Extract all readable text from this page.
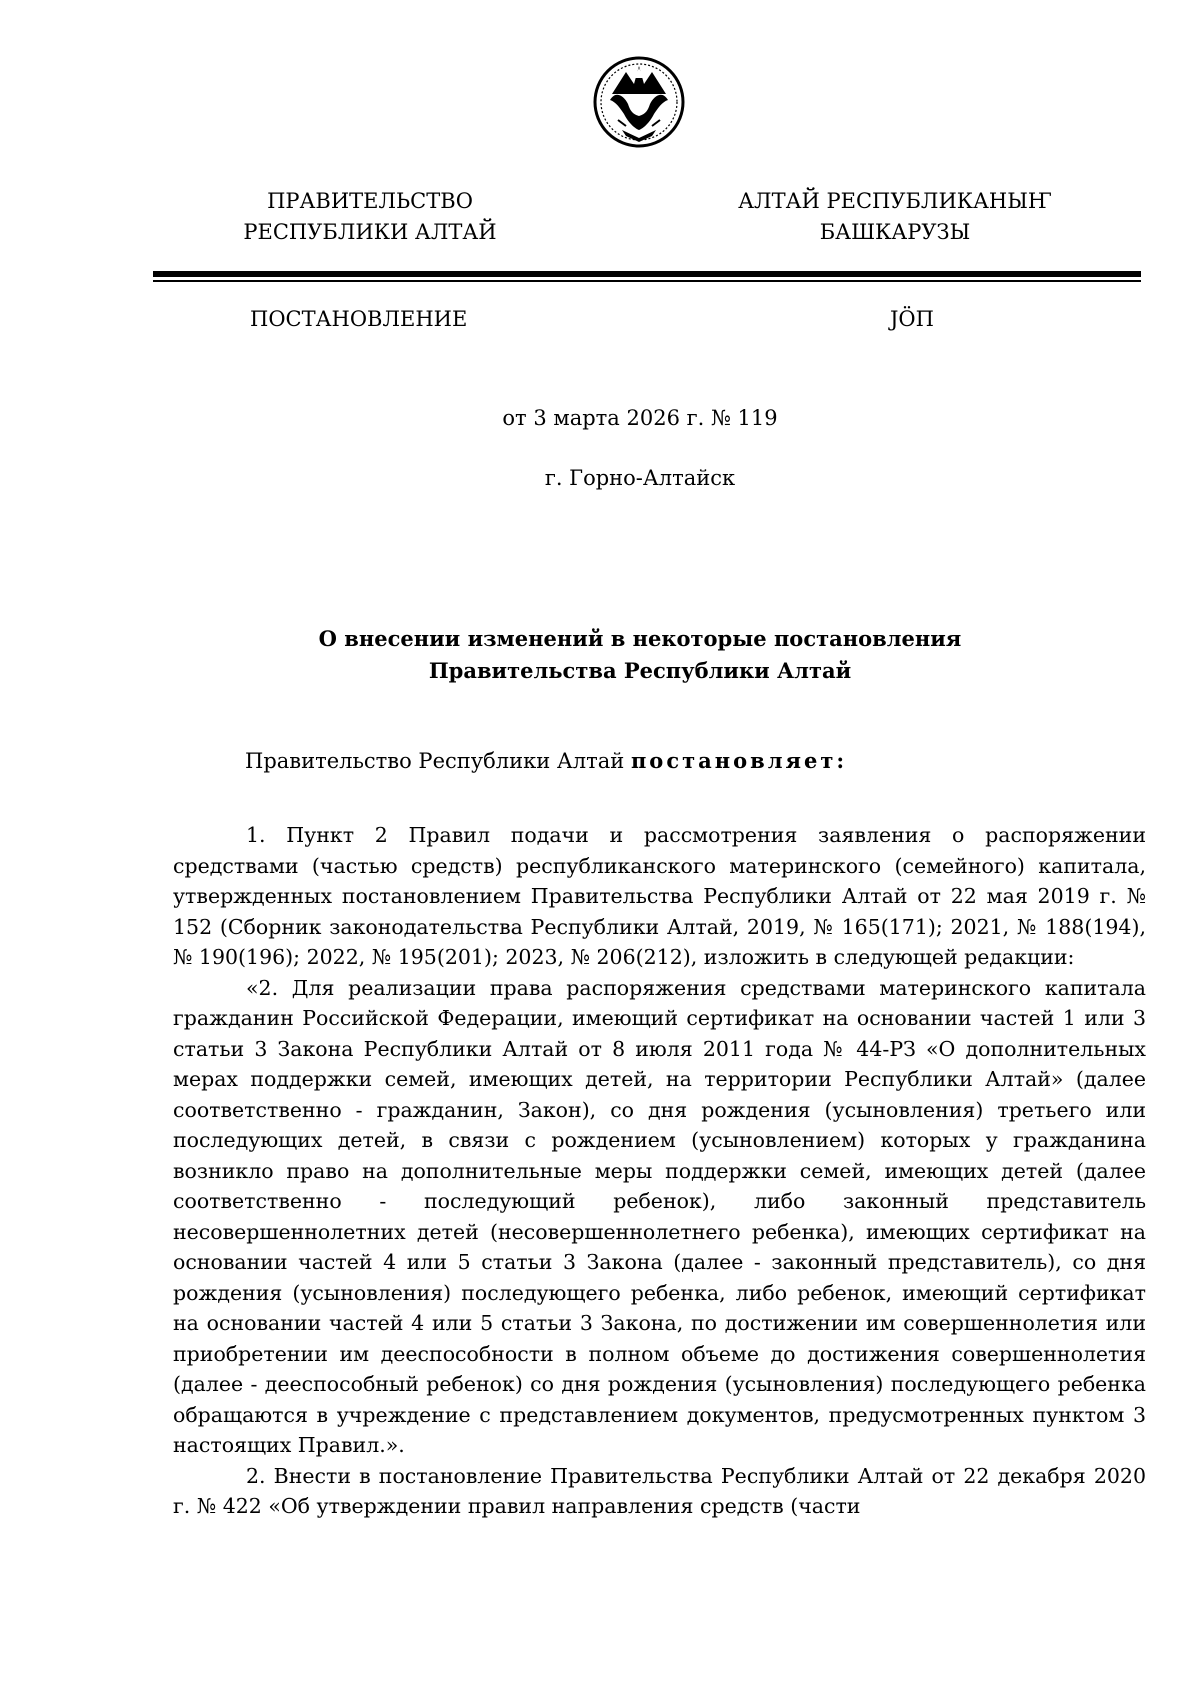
ПРАВИТЕЛЬСТВО
РЕСПУБЛИКИ АЛТАЙ
АЛТАЙ РЕСПУБЛИКАНЫҤ
БАШКАРУЗЫ
ПОСТАНОВЛЕНИЕ	JÖП
от 3 марта 2026 г. № 119
г. Горно-Алтайск
О внесении изменений в некоторые постановления
Правительства Республики Алтай
Правительство Республики Алтай постановляет:

1. Пункт 2 Правил подачи и рассмотрения заявления о распоряжении средствами (частью средств) республиканского материнского (семейного) капитала, утвержденных постановлением Правительства Республики Алтай от 22 мая 2019 г. № 152 (Сборник законодательства Республики Алтай, 2019, № 165(171); 2021, № 188(194), № 190(196); 2022, № 195(201); 2023, № 206(212), изложить в следующей редакции:

«2. Для реализации права распоряжения средствами материнского капитала гражданин Российской Федерации, имеющий сертификат на основании частей 1 или 3 статьи 3 Закона Республики Алтай от 8 июля 2011 года № 44-РЗ «О дополнительных мерах поддержки семей, имеющих детей, на территории Республики Алтай» (далее соответственно - гражданин, Закон), со дня рождения (усыновления) третьего или последующих детей, в связи с рождением (усыновлением) которых у гражданина возникло право на дополнительные меры поддержки семей, имеющих детей (далее соответственно - последующий ребенок), либо законный представитель несовершеннолетних детей (несовершеннолетнего ребенка), имеющих сертификат на основании частей 4 или 5 статьи 3 Закона (далее - законный представитель), со дня рождения (усыновления) последующего ребенка, либо ребенок, имеющий сертификат на основании частей 4 или 5 статьи 3 Закона, по достижении им совершеннолетия или приобретении им дееспособности в полном объеме до достижения совершеннолетия (далее - дееспособный ребенок) со дня рождения (усыновления) последующего ребенка обращаются в учреждение с представлением документов, предусмотренных пунктом 3 настоящих Правил.».

2. Внести в постановление Правительства Республики Алтай от 22 декабря 2020 г. № 422 «Об утверждении правил направления средств (части
